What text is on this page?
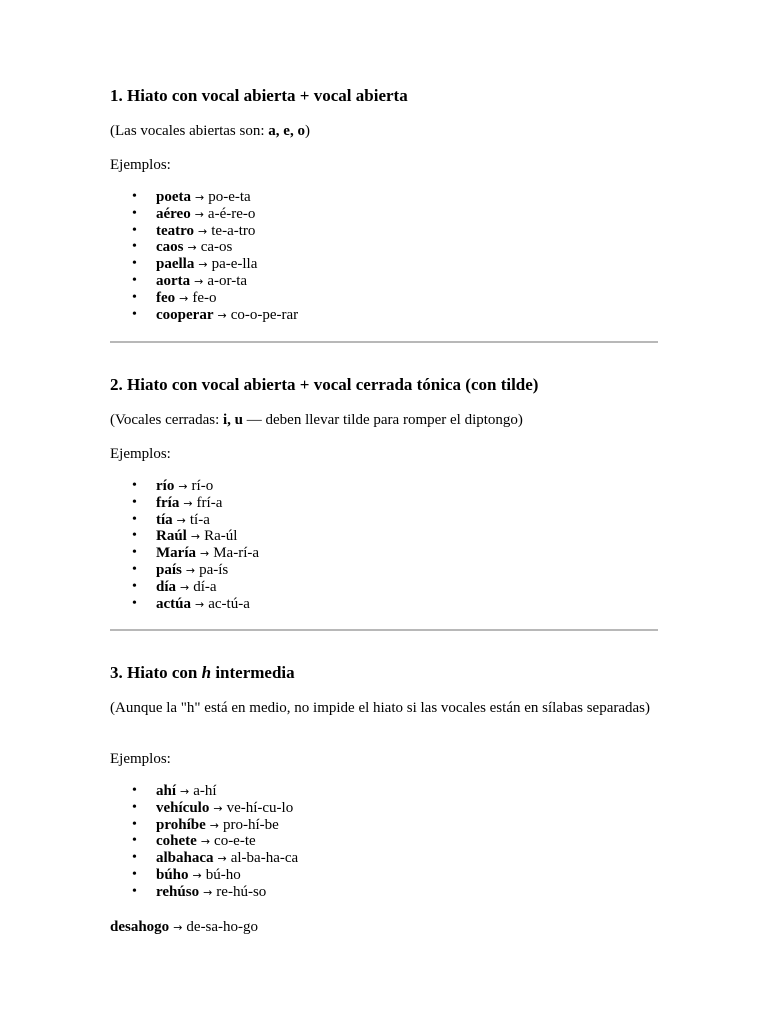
1. Hiato con vocal abierta + vocal abierta
(Las vocales abiertas son: a, e, o)
Ejemplos:
• poeta → po-e-ta
• aéreo → a-é-re-o
• teatro → te-a-tro
• caos → ca-os
• paella → pa-e-lla
• aorta → a-or-ta
• feo → fe-o
• cooperar → co-o-pe-rar
2. Hiato con vocal abierta + vocal cerrada tónica (con tilde)
(Vocales cerradas: i, u — deben llevar tilde para romper el diptongo)
Ejemplos:
• río → rí-o
• fría → frí-a
• tía → tí-a
• Raúl → Ra-úl
• María → Ma-rí-a
• país → pa-ís
• día → dí-a
• actúa → ac-tú-a
3. Hiato con h intermedia
(Aunque la "h" está en medio, no impide el hiato si las vocales están en sílabas separadas)
Ejemplos:
• ahí → a-hí
• vehículo → ve-hí-cu-lo
• prohíbe → pro-hí-be
• cohete → co-e-te
• albahaca → al-ba-ha-ca
• búho → bú-ho
• rehúso → re-hú-so
desahogo → de-sa-ho-go
